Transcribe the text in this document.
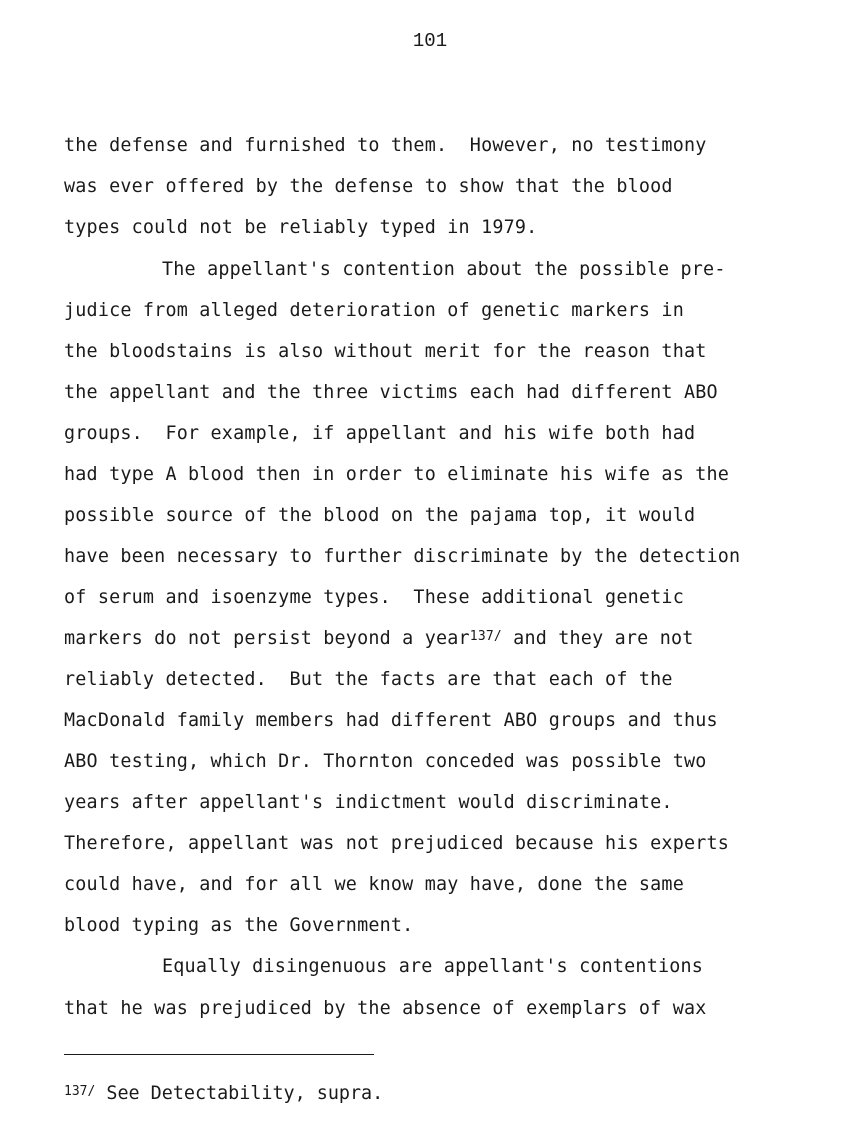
101
the defense and furnished to them.  However, no testimony
was ever offered by the defense to show that the blood
types could not be reliably typed in 1979.
The appellant's contention about the possible pre-
judice from alleged deterioration of genetic markers in
the bloodstains is also without merit for the reason that
the appellant and the three victims each had different ABO
groups.  For example, if appellant and his wife both had
had type A blood then in order to eliminate his wife as the
possible source of the blood on the pajama top, it would
have been necessary to further discriminate by the detection
of serum and isoenzyme types.  These additional genetic
markers do not persist beyond a year$^{137/}$ and they are not
reliably detected.  But the facts are that each of the
MacDonald family members had different ABO groups and thus
ABO testing, which Dr. Thornton conceded was possible two
years after appellant's indictment would discriminate.
Therefore, appellant was not prejudiced because his experts
could have, and for all we know may have, done the same
blood typing as the Government.
Equally disingenuous are appellant's contentions
that he was prejudiced by the absence of exemplars of wax
$^{137/}$ See Detectability, supra.
